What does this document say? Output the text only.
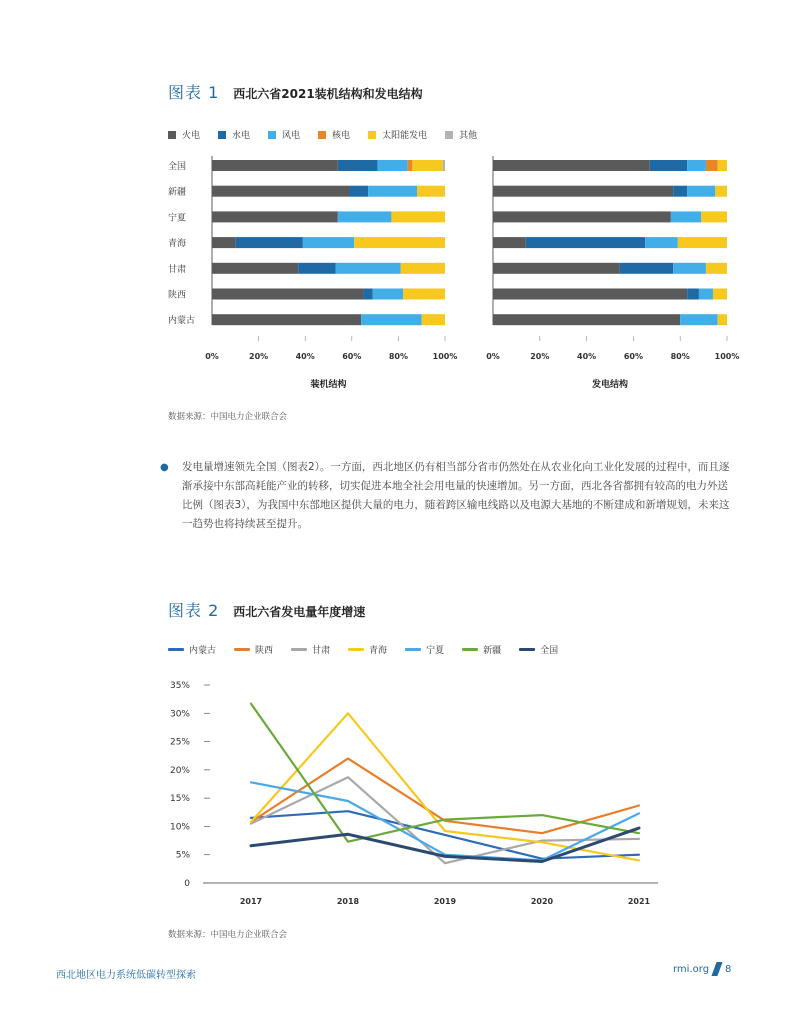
图表 1 西北六省2021装机结构和发电结构
火电	水电	风电	核电	太阳能发电	其他
全国
新疆
宁夏
青海
甘肃
陕西
内蒙古
0%	20%	40%	60%	80%	100%
装机结构
0%	20%	40%	60%	80%	100%
发电结构
数据来源：中国电力企业联合会
●	发电量增速领先全国（图表2）。一方面，西北地区仍有相当部分省市仍然处在从农业化向工业化发展的过程中，而且逐渐承接中东部高耗能产业的转移，切实促进本地全社会用电量的快速增加。另一方面，西北各省都拥有较高的电力外送比例（图表3），为我国中东部地区提供大量的电力，随着跨区输电线路以及电源大基地的不断建成和新增规划，未来这一趋势也将持续甚至提升。
图表 2 西北六省发电量年度增速
内蒙古	陕西	甘肃	青海	宁夏	新疆	全国
0
5%
10%
15%
20%
25%
30%
35%
2017	2018	2019	2020	2021
数据来源：中国电力企业联合会
西北地区电力系统低碳转型探索
rmi.org 8
